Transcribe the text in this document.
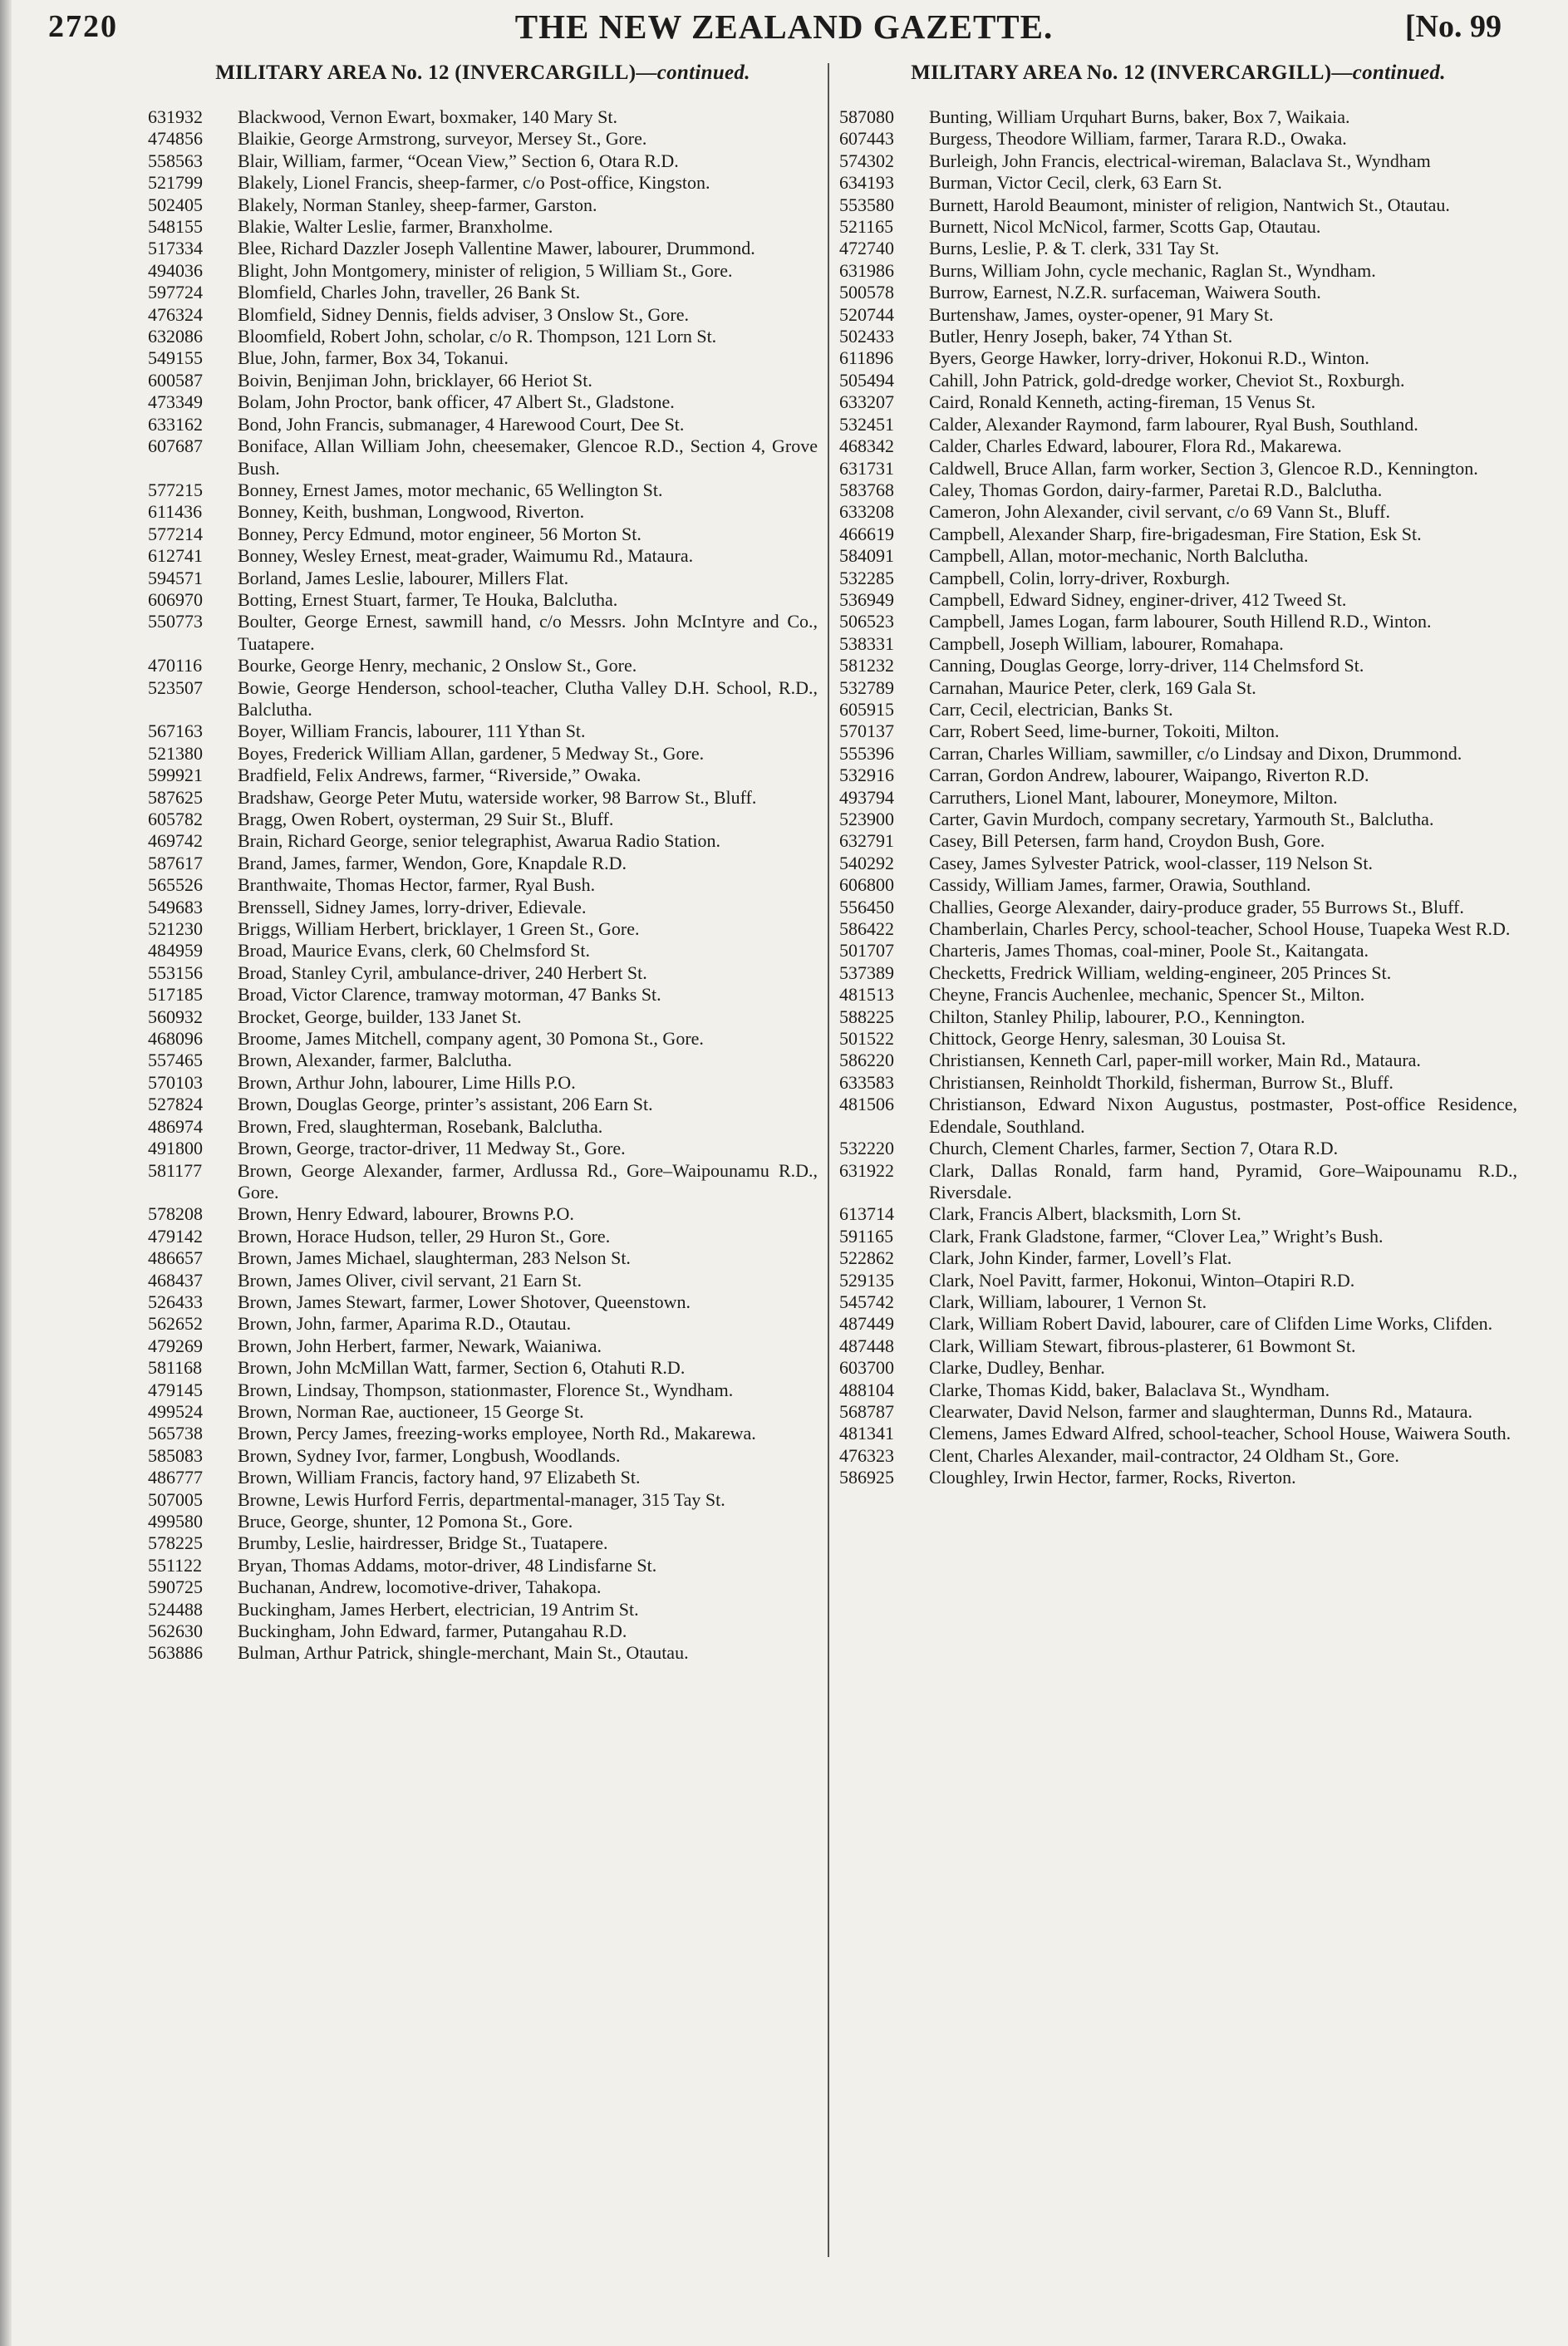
2720	THE NEW ZEALAND GAZETTE.	[No. 99
MILITARY AREA No. 12 (INVERCARGILL)—continued.
631932	Blackwood, Vernon Ewart, boxmaker, 140 Mary St.
474856	Blaikie, George Armstrong, surveyor, Mersey St., Gore.
558563	Blair, William, farmer, “Ocean View,” Section 6, Otara R.D.
521799	Blakely, Lionel Francis, sheep-farmer, c/o Post-office, Kingston.
502405	Blakely, Norman Stanley, sheep-farmer, Garston.
548155	Blakie, Walter Leslie, farmer, Branxholme.
517334	Blee, Richard Dazzler Joseph Vallentine Mawer, labourer, Drummond.
494036	Blight, John Montgomery, minister of religion, 5 William St., Gore.
597724	Blomfield, Charles John, traveller, 26 Bank St.
476324	Blomfield, Sidney Dennis, fields adviser, 3 Onslow St., Gore.
632086	Bloomfield, Robert John, scholar, c/o R. Thompson, 121 Lorn St.
549155	Blue, John, farmer, Box 34, Tokanui.
600587	Boivin, Benjiman John, bricklayer, 66 Heriot St.
473349	Bolam, John Proctor, bank officer, 47 Albert St., Gladstone.
633162	Bond, John Francis, submanager, 4 Harewood Court, Dee St.
607687	Boniface, Allan William John, cheesemaker, Glencoe R.D., Section 4, Grove Bush.
577215	Bonney, Ernest James, motor mechanic, 65 Wellington St.
611436	Bonney, Keith, bushman, Longwood, Riverton.
577214	Bonney, Percy Edmund, motor engineer, 56 Morton St.
612741	Bonney, Wesley Ernest, meat-grader, Waimumu Rd., Mataura.
594571	Borland, James Leslie, labourer, Millers Flat.
606970	Botting, Ernest Stuart, farmer, Te Houka, Balclutha.
550773	Boulter, George Ernest, sawmill hand, c/o Messrs. John McIntyre and Co., Tuatapere.
470116	Bourke, George Henry, mechanic, 2 Onslow St., Gore.
523507	Bowie, George Henderson, school-teacher, Clutha Valley D.H. School, R.D., Balclutha.
567163	Boyer, William Francis, labourer, 111 Ythan St.
521380	Boyes, Frederick William Allan, gardener, 5 Medway St., Gore.
599921	Bradfield, Felix Andrews, farmer, “Riverside,” Owaka.
587625	Bradshaw, George Peter Mutu, waterside worker, 98 Barrow St., Bluff.
605782	Bragg, Owen Robert, oysterman, 29 Suir St., Bluff.
469742	Brain, Richard George, senior telegraphist, Awarua Radio Station.
587617	Brand, James, farmer, Wendon, Gore, Knapdale R.D.
565526	Branthwaite, Thomas Hector, farmer, Ryal Bush.
549683	Brenssell, Sidney James, lorry-driver, Edievale.
521230	Briggs, William Herbert, bricklayer, 1 Green St., Gore.
484959	Broad, Maurice Evans, clerk, 60 Chelmsford St.
553156	Broad, Stanley Cyril, ambulance-driver, 240 Herbert St.
517185	Broad, Victor Clarence, tramway motorman, 47 Banks St.
560932	Brocket, George, builder, 133 Janet St.
468096	Broome, James Mitchell, company agent, 30 Pomona St., Gore.
557465	Brown, Alexander, farmer, Balclutha.
570103	Brown, Arthur John, labourer, Lime Hills P.O.
527824	Brown, Douglas George, printer’s assistant, 206 Earn St.
486974	Brown, Fred, slaughterman, Rosebank, Balclutha.
491800	Brown, George, tractor-driver, 11 Medway St., Gore.
581177	Brown, George Alexander, farmer, Ardlussa Rd., Gore–Waipounamu R.D., Gore.
578208	Brown, Henry Edward, labourer, Browns P.O.
479142	Brown, Horace Hudson, teller, 29 Huron St., Gore.
486657	Brown, James Michael, slaughterman, 283 Nelson St.
468437	Brown, James Oliver, civil servant, 21 Earn St.
526433	Brown, James Stewart, farmer, Lower Shotover, Queenstown.
562652	Brown, John, farmer, Aparima R.D., Otautau.
479269	Brown, John Herbert, farmer, Newark, Waianiwa.
581168	Brown, John McMillan Watt, farmer, Section 6, Otahuti R.D.
479145	Brown, Lindsay, Thompson, stationmaster, Florence St., Wyndham.
499524	Brown, Norman Rae, auctioneer, 15 George St.
565738	Brown, Percy James, freezing-works employee, North Rd., Makarewa.
585083	Brown, Sydney Ivor, farmer, Longbush, Woodlands.
486777	Brown, William Francis, factory hand, 97 Elizabeth St.
507005	Browne, Lewis Hurford Ferris, departmental-manager, 315 Tay St.
499580	Bruce, George, shunter, 12 Pomona St., Gore.
578225	Brumby, Leslie, hairdresser, Bridge St., Tuatapere.
551122	Bryan, Thomas Addams, motor-driver, 48 Lindisfarne St.
590725	Buchanan, Andrew, locomotive-driver, Tahakopa.
524488	Buckingham, James Herbert, electrician, 19 Antrim St.
562630	Buckingham, John Edward, farmer, Putangahau R.D.
563886	Bulman, Arthur Patrick, shingle-merchant, Main St., Otautau.
MILITARY AREA No. 12 (INVERCARGILL)—continued.
587080	Bunting, William Urquhart Burns, baker, Box 7, Waikaia.
607443	Burgess, Theodore William, farmer, Tarara R.D., Owaka.
574302	Burleigh, John Francis, electrical-wireman, Balaclava St., Wyndham
634193	Burman, Victor Cecil, clerk, 63 Earn St.
553580	Burnett, Harold Beaumont, minister of religion, Nantwich St., Otautau.
521165	Burnett, Nicol McNicol, farmer, Scotts Gap, Otautau.
472740	Burns, Leslie, P. & T. clerk, 331 Tay St.
631986	Burns, William John, cycle mechanic, Raglan St., Wyndham.
500578	Burrow, Earnest, N.Z.R. surfaceman, Waiwera South.
520744	Burtenshaw, James, oyster-opener, 91 Mary St.
502433	Butler, Henry Joseph, baker, 74 Ythan St.
611896	Byers, George Hawker, lorry-driver, Hokonui R.D., Winton.
505494	Cahill, John Patrick, gold-dredge worker, Cheviot St., Roxburgh.
633207	Caird, Ronald Kenneth, acting-fireman, 15 Venus St.
532451	Calder, Alexander Raymond, farm labourer, Ryal Bush, Southland.
468342	Calder, Charles Edward, labourer, Flora Rd., Makarewa.
631731	Caldwell, Bruce Allan, farm worker, Section 3, Glencoe R.D., Kennington.
583768	Caley, Thomas Gordon, dairy-farmer, Paretai R.D., Balclutha.
633208	Cameron, John Alexander, civil servant, c/o 69 Vann St., Bluff.
466619	Campbell, Alexander Sharp, fire-brigadesman, Fire Station, Esk St.
584091	Campbell, Allan, motor-mechanic, North Balclutha.
532285	Campbell, Colin, lorry-driver, Roxburgh.
536949	Campbell, Edward Sidney, enginer-driver, 412 Tweed St.
506523	Campbell, James Logan, farm labourer, South Hillend R.D., Winton.
538331	Campbell, Joseph William, labourer, Romahapa.
581232	Canning, Douglas George, lorry-driver, 114 Chelmsford St.
532789	Carnahan, Maurice Peter, clerk, 169 Gala St.
605915	Carr, Cecil, electrician, Banks St.
570137	Carr, Robert Seed, lime-burner, Tokoiti, Milton.
555396	Carran, Charles William, sawmiller, c/o Lindsay and Dixon, Drummond.
532916	Carran, Gordon Andrew, labourer, Waipango, Riverton R.D.
493794	Carruthers, Lionel Mant, labourer, Moneymore, Milton.
523900	Carter, Gavin Murdoch, company secretary, Yarmouth St., Balclutha.
632791	Casey, Bill Petersen, farm hand, Croydon Bush, Gore.
540292	Casey, James Sylvester Patrick, wool-classer, 119 Nelson St.
606800	Cassidy, William James, farmer, Orawia, Southland.
556450	Challies, George Alexander, dairy-produce grader, 55 Burrows St., Bluff.
586422	Chamberlain, Charles Percy, school-teacher, School House, Tuapeka West R.D.
501707	Charteris, James Thomas, coal-miner, Poole St., Kaitangata.
537389	Checketts, Fredrick William, welding-engineer, 205 Princes St.
481513	Cheyne, Francis Auchenlee, mechanic, Spencer St., Milton.
588225	Chilton, Stanley Philip, labourer, P.O., Kennington.
501522	Chittock, George Henry, salesman, 30 Louisa St.
586220	Christiansen, Kenneth Carl, paper-mill worker, Main Rd., Mataura.
633583	Christiansen, Reinholdt Thorkild, fisherman, Burrow St., Bluff.
481506	Christianson, Edward Nixon Augustus, postmaster, Post-office Residence, Edendale, Southland.
532220	Church, Clement Charles, farmer, Section 7, Otara R.D.
631922	Clark, Dallas Ronald, farm hand, Pyramid, Gore–Waipounamu R.D., Riversdale.
613714	Clark, Francis Albert, blacksmith, Lorn St.
591165	Clark, Frank Gladstone, farmer, “Clover Lea,” Wright’s Bush.
522862	Clark, John Kinder, farmer, Lovell’s Flat.
529135	Clark, Noel Pavitt, farmer, Hokonui, Winton–Otapiri R.D.
545742	Clark, William, labourer, 1 Vernon St.
487449	Clark, William Robert David, labourer, care of Clifden Lime Works, Clifden.
487448	Clark, William Stewart, fibrous-plasterer, 61 Bowmont St.
603700	Clarke, Dudley, Benhar.
488104	Clarke, Thomas Kidd, baker, Balaclava St., Wyndham.
568787	Clearwater, David Nelson, farmer and slaughterman, Dunns Rd., Mataura.
481341	Clemens, James Edward Alfred, school-teacher, School House, Waiwera South.
476323	Clent, Charles Alexander, mail-contractor, 24 Oldham St., Gore.
586925	Cloughley, Irwin Hector, farmer, Rocks, Riverton.
